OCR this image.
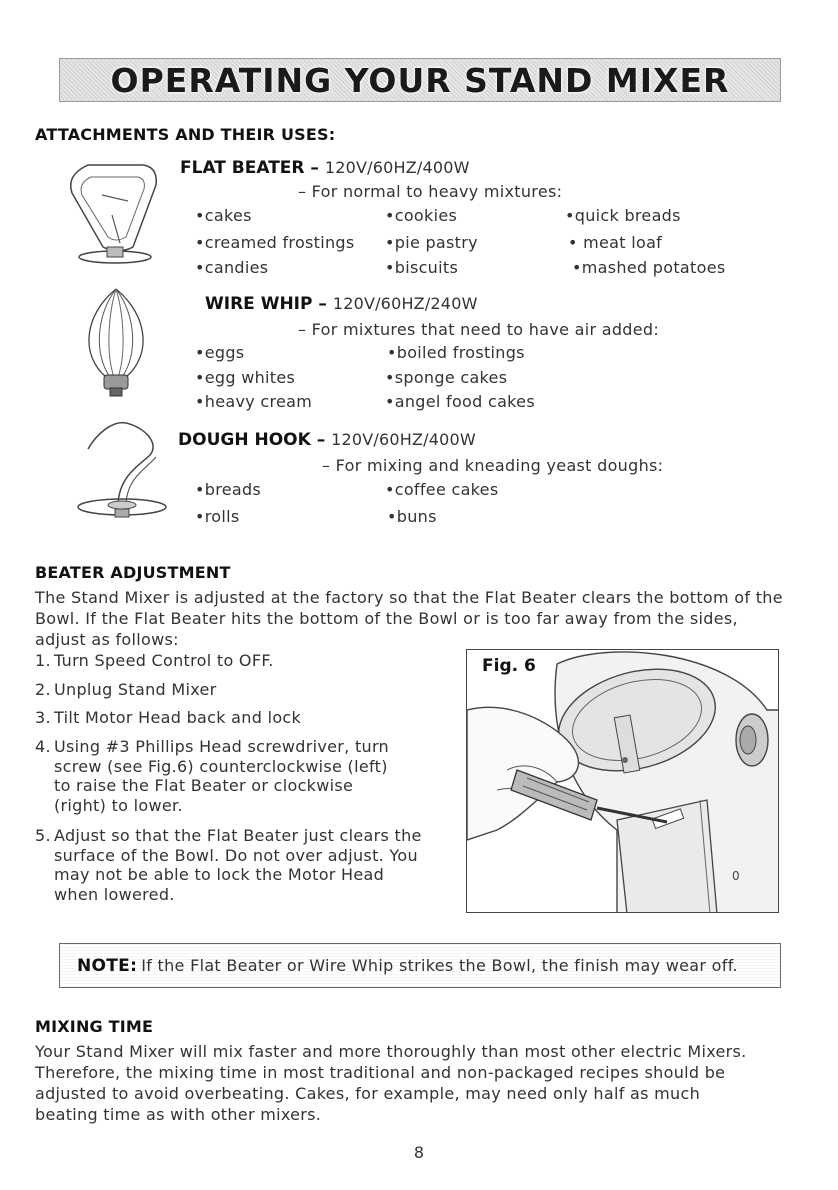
OPERATING YOUR STAND MIXER
ATTACHMENTS AND THEIR USES:
FLAT BEATER – 120V/60HZ/400W
– For normal to heavy mixtures:
• cakes	• cookies	• quick breads
• creamed frostings	• pie pastry	• meat loaf
• candies	• biscuits	• mashed potatoes
WIRE WHIP – 120V/60HZ/240W
– For mixtures that need to have air added:
• eggs	• boiled frostings
• egg whites	• sponge cakes
• heavy cream	• angel food cakes
DOUGH HOOK – 120V/60HZ/400W
– For mixing and kneading yeast doughs:
• breads	• coffee cakes
• rolls	• buns
BEATER ADJUSTMENT
The Stand Mixer is adjusted at the factory so that the Flat Beater clears the bottom of the
Bowl. If the Flat Beater hits the bottom of the Bowl or is too far away from the sides,
adjust as follows:
1. Turn Speed Control to OFF.
2. Unplug Stand Mixer
3. Tilt Motor Head back and lock
4. Using #3 Phillips Head screwdriver, turn
screw (see Fig.6) counterclockwise (left)
to raise the Flat Beater or clockwise
(right) to lower.
5. Adjust so that the Flat Beater just clears the
surface of the Bowl. Do not over adjust. You
may not be able to lock the Motor Head
when lowered.
0
Fig. 6
NOTE: If the Flat Beater or Wire Whip strikes the Bowl, the finish may wear off.
MIXING TIME
Your Stand Mixer will mix faster and more thoroughly than most other electric Mixers.
Therefore, the mixing time in most traditional and non-packaged recipes should be
adjusted to avoid overbeating. Cakes, for example, may need only half as much
beating time as with other mixers.
8
